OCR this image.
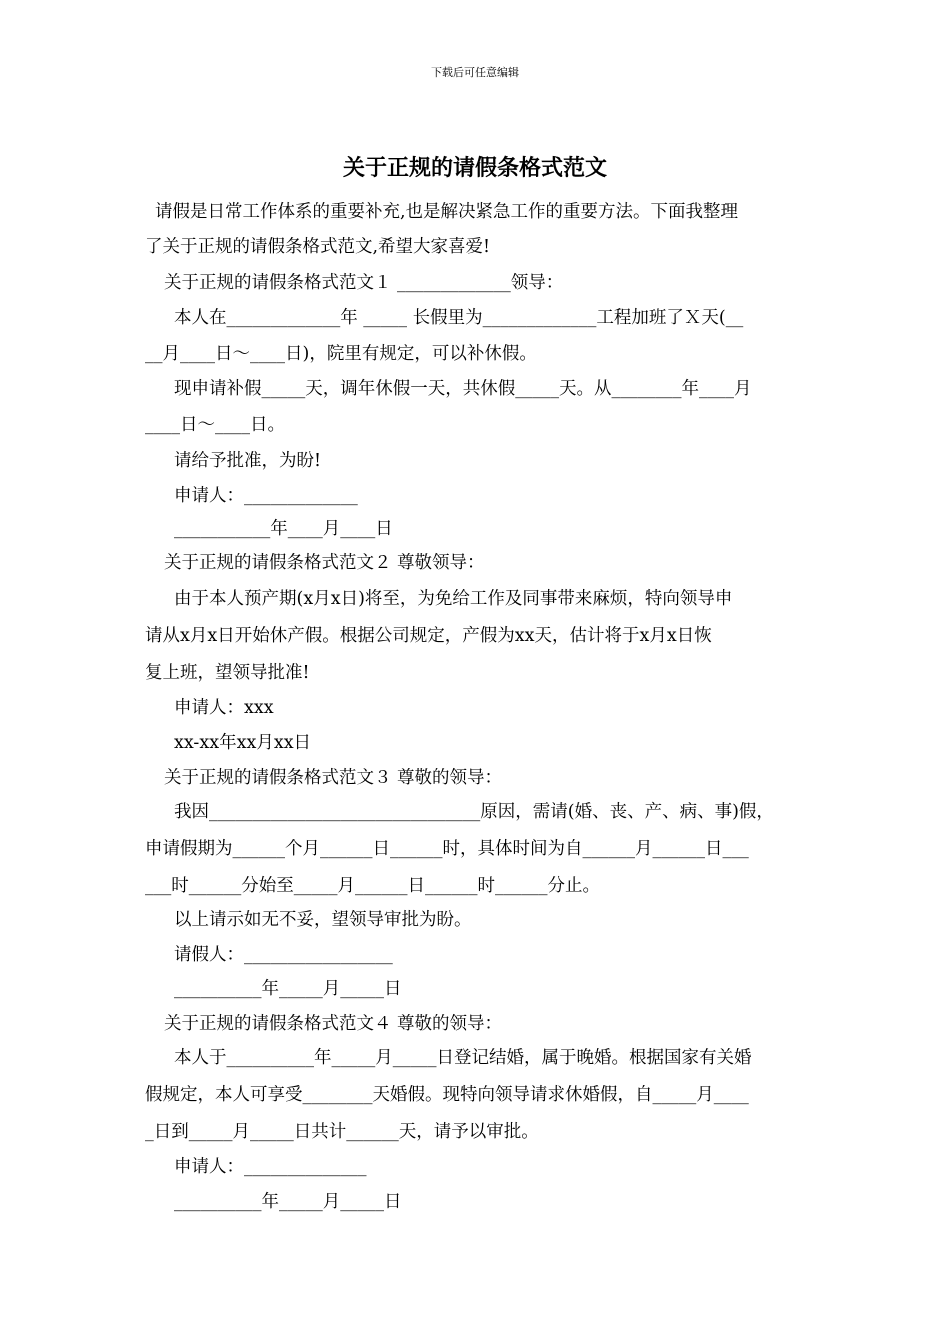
下载后可任意编辑
关于正规的请假条格式范文
请假是日常工作体系的重要补充,也是解决紧急工作的重要方法。下面我整理
了关于正规的请假条格式范文,希望大家喜爱!
关于正规的请假条格式范文１ _____________领导：
本人在_____________年 _____ 长假里为_____________工程加班了Ｘ天(__
__月____日～____日)，院里有规定，可以补休假。
现申请补假_____天，调年休假一天，共休假_____天。从________年____月
____日～____日。
请给予批准，为盼!
申请人：_____________
___________年____月____日
关于正规的请假条格式范文２ 尊敬领导：
由于本人预产期(x月x日)将至，为免给工作及同事带来麻烦，特向领导申
请从x月x日开始休产假。根据公司规定，产假为xx天，估计将于x月x日恢
复上班，望领导批准!
申请人：xxx
xx-xx年xx月xx日
关于正规的请假条格式范文３ 尊敬的领导：
我因_______________________________原因，需请(婚、丧、产、病、事)假，
申请假期为______个月______日______时，具体时间为自______月______日___
___时______分始至_____月______日______时______分止。
以上请示如无不妥，望领导审批为盼。
请假人：_________________
__________年_____月_____日
关于正规的请假条格式范文４ 尊敬的领导：
本人于__________年_____月_____日登记结婚，属于晚婚。根据国家有关婚
假规定，本人可享受________天婚假。现特向领导请求休婚假，自_____月____
_日到_____月_____日共计______天，请予以审批。
申请人：______________
__________年_____月_____日
